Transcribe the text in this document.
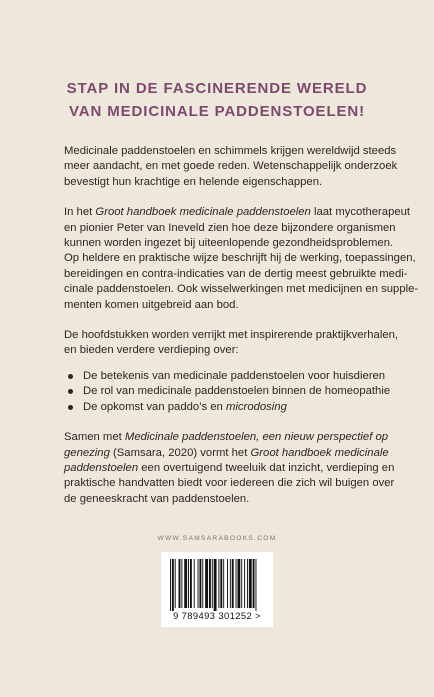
STAP IN DE FASCINERENDE WERELD
VAN MEDICINALE PADDENSTOELEN!

Medicinale paddenstoelen en schimmels krijgen wereldwijd steeds
meer aandacht, en met goede reden. Wetenschappelijk onderzoek
bevestigt hun krachtige en helende eigenschappen.

In het Groot handboek medicinale paddenstoelen laat mycotherapeut
en pionier Peter van Ineveld zien hoe deze bijzondere organismen
kunnen worden ingezet bij uiteenlopende gezondheidsproblemen.
Op heldere en praktische wijze beschrijft hij de werking, toepassingen,
bereidingen en contra-indicaties van de dertig meest gebruikte medi-
cinale paddenstoelen. Ook wisselwerkingen met medicijnen en supple-
menten komen uitgebreid aan bod.

De hoofdstukken worden verrijkt met inspirerende praktijkverhalen,
en bieden verdere verdieping over:

De betekenis van medicinale paddenstoelen voor huisdieren
De rol van medicinale paddenstoelen binnen de homeopathie
De opkomst van paddo’s en microdosing

Samen met Medicinale paddenstoelen, een nieuw perspectief op
genezing (Samsara, 2020) vormt het Groot handboek medicinale
paddenstoelen een overtuigend tweeluik dat inzicht, verdieping en
praktische handvatten biedt voor iedereen die zich wil buigen over
de geneeskracht van paddenstoelen.

WWW.SAMSARABOOKS.COM
9 789493 301252 >
